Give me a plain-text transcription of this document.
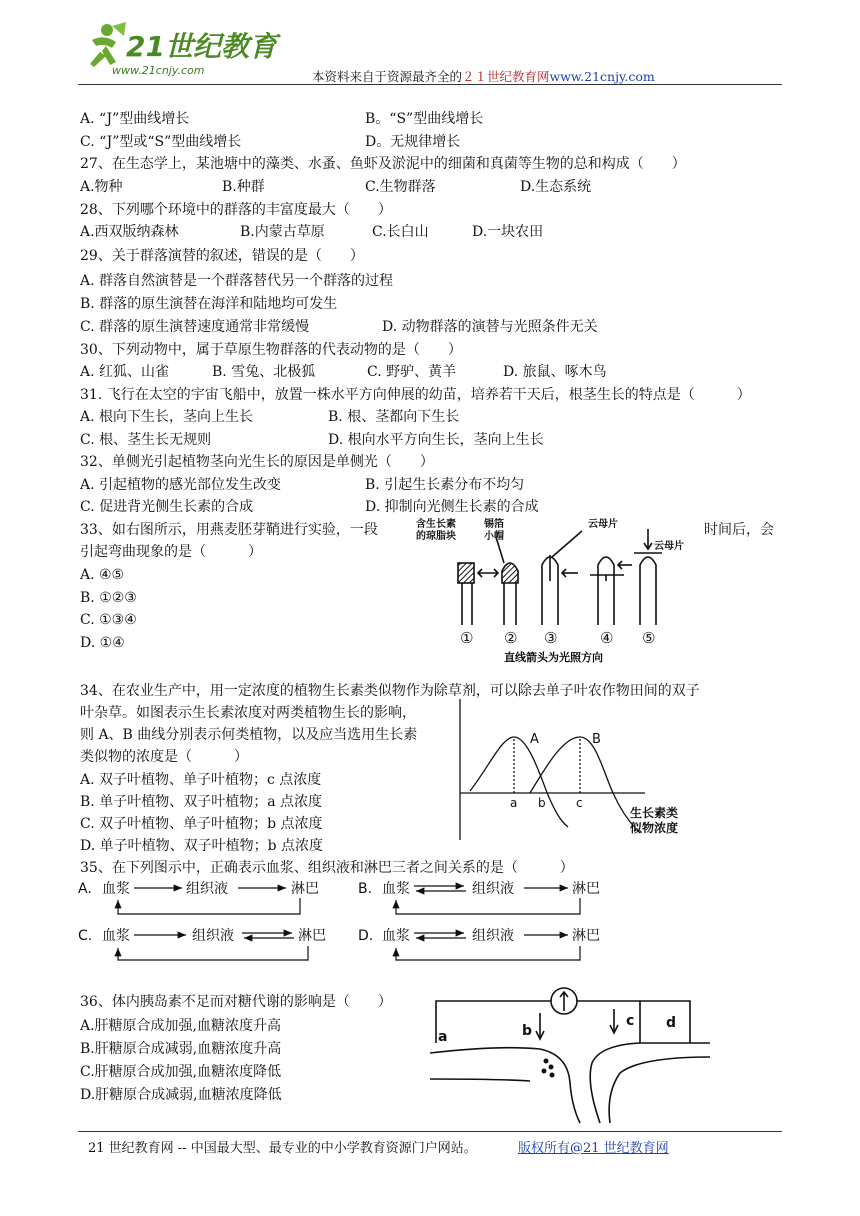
21世纪教育
www.21cnjy.com	本资料来自于资源最齐全的２１世纪教育网www.21cnjy.com
A. “J”型曲线增长	B。“S”型曲线增长
C. “J”型或“S”型曲线增长	D。无规律增长
27、在生态学上，某池塘中的藻类、水蚤、鱼虾及淤泥中的细菌和真菌等生物的总和构成（　　）
A.物种	B.种群	C.生物群落	D.生态系统
28、下列哪个环境中的群落的丰富度最大（　　）
A.西双版纳森林	B.内蒙古草原	C.长白山	D.一块农田
29、关于群落演替的叙述，错误的是（　　）
A. 群落自然演替是一个群落替代另一个群落的过程
B. 群落的原生演替在海洋和陆地均可发生
C. 群落的原生演替速度通常非常缓慢	D. 动物群落的演替与光照条件无关
30、下列动物中，属于草原生物群落的代表动物的是（　　）
A. 红狐、山雀	B. 雪兔、北极狐	C. 野驴、黄羊	D. 旅鼠、啄木鸟
31. 飞行在太空的宇宙飞船中，放置一株水平方向伸展的幼苗，培养若干天后，根茎生长的特点是（　　　）
A. 根向下生长，茎向上生长	B. 根、茎都向下生长
C. 根、茎生长无规则	D. 根向水平方向生长，茎向上生长
32、单侧光引起植物茎向光生长的原因是单侧光（　　）
A. 引起植物的感光部位发生改变	B. 引起生长素分布不均匀
C. 促进背光侧生长素的合成	D. 抑制向光侧生长素的合成
33、如右图所示，用燕麦胚芽鞘进行实验，一段	时间后，会
引起弯曲现象的是（　　　）
A. ④⑤
B. ①②③
C. ①③④
D. ①④
含生长素
的琼脂块
锡箔
小帽
云母片
云母片
① ② ③	④ ⑤
直线箭头为光照方向
34、在农业生产中，用一定浓度的植物生长素类似物作为除草剂，可以除去单子叶农作物田间的双子
叶杂草。如图表示生长素浓度对两类植物生长的影响，
则 A、B 曲线分别表示何类植物，以及应当选用生长素
类似物的浓度是（　　　）
A. 双子叶植物、单子叶植物；c 点浓度
B. 单子叶植物、双子叶植物；a 点浓度
C. 双子叶植物、单子叶植物；b 点浓度
D. 单子叶植物、双子叶植物；b 点浓度
A	B
a b	c
生长素类
似物浓度
35、在下列图示中，正确表示血浆、组织液和淋巴三者之间关系的是（　　　）
A. 血浆	组织液	淋巴	B. 血浆	组织液	淋巴
C. 血浆	组织液	淋巴 D. 血浆	组织液	淋巴
36、体内胰岛素不足而对糖代谢的影响是（　　）
A.肝糖原合成加强,血糖浓度升高
B.肝糖原合成减弱,血糖浓度升高
C.肝糖原合成加强,血糖浓度降低
D.肝糖原合成减弱,血糖浓度降低
a	b
c d
21 世纪教育网 -- 中国最大型、最专业的中小学教育资源门户网站。	版权所有@21 世纪教育网
